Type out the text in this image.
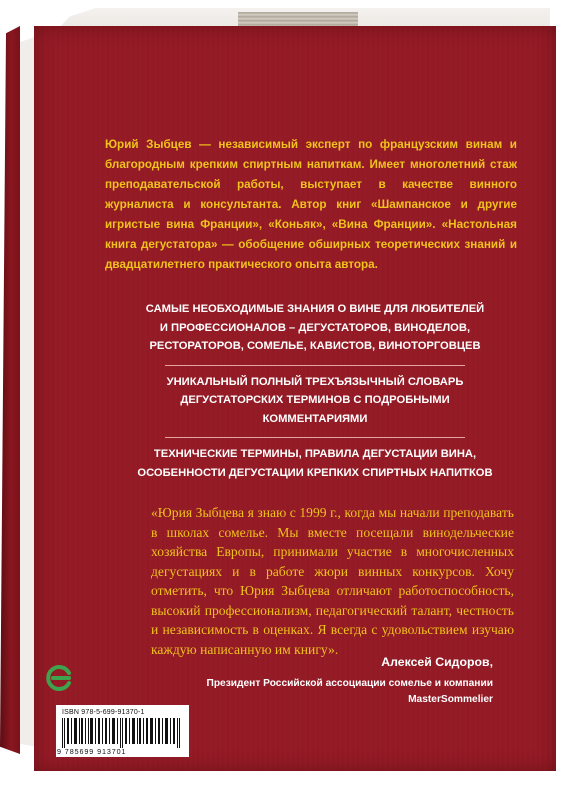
Юрий Зыбцев — независимый эксперт по французским винам и благородным крепким спиртным напиткам. Имеет многолетний стаж преподавательской работы, выступает в качестве винного журналиста и консультанта. Автор книг «Шампанское и другие игристые вина Франции», «Коньяк», «Вина Франции». «Настольная книга дегустатора» — обобщение обширных теоретических знаний и двадцатилетнего практического опыта автора.

САМЫЕ НЕОБХОДИМЫЕ ЗНАНИЯ О ВИНЕ ДЛЯ ЛЮБИТЕЛЕЙ
И ПРОФЕССИОНАЛОВ – ДЕГУСТАТОРОВ, ВИНОДЕЛОВ,
РЕСТОРАТОРОВ, СОМЕЛЬЕ, КАВИСТОВ, ВИНОТОРГОВЦЕВ

УНИКАЛЬНЫЙ ПОЛНЫЙ ТРЕХЪЯЗЫЧНЫЙ СЛОВАРЬ
ДЕГУСТАТОРСКИХ ТЕРМИНОВ С ПОДРОБНЫМИ КОММЕНТАРИЯМИ

ТЕХНИЧЕСКИЕ ТЕРМИНЫ, ПРАВИЛА ДЕГУСТАЦИИ ВИНА,
ОСОБЕННОСТИ ДЕГУСТАЦИИ КРЕПКИХ СПИРТНЫХ НАПИТКОВ

«Юрия Зыбцева я знаю с 1999 г., когда мы начали преподавать в школах сомелье. Мы вместе посещали винодельческие хозяйства Европы, принимали участие в многочисленных дегустациях и в работе жюри винных конкурсов. Хочу отметить, что Юрия Зыбцева отличают работоспособность, высокий профессионализм, педагогический талант, честность и независимость в оценках. Я всегда с удовольствием изучаю каждую написанную им книгу».

Алексей Сидоров,

Президент Российской ассоциации сомелье и компании
MasterSommelier

ISBN 978-5-699-91370-1

9 785699 913701
